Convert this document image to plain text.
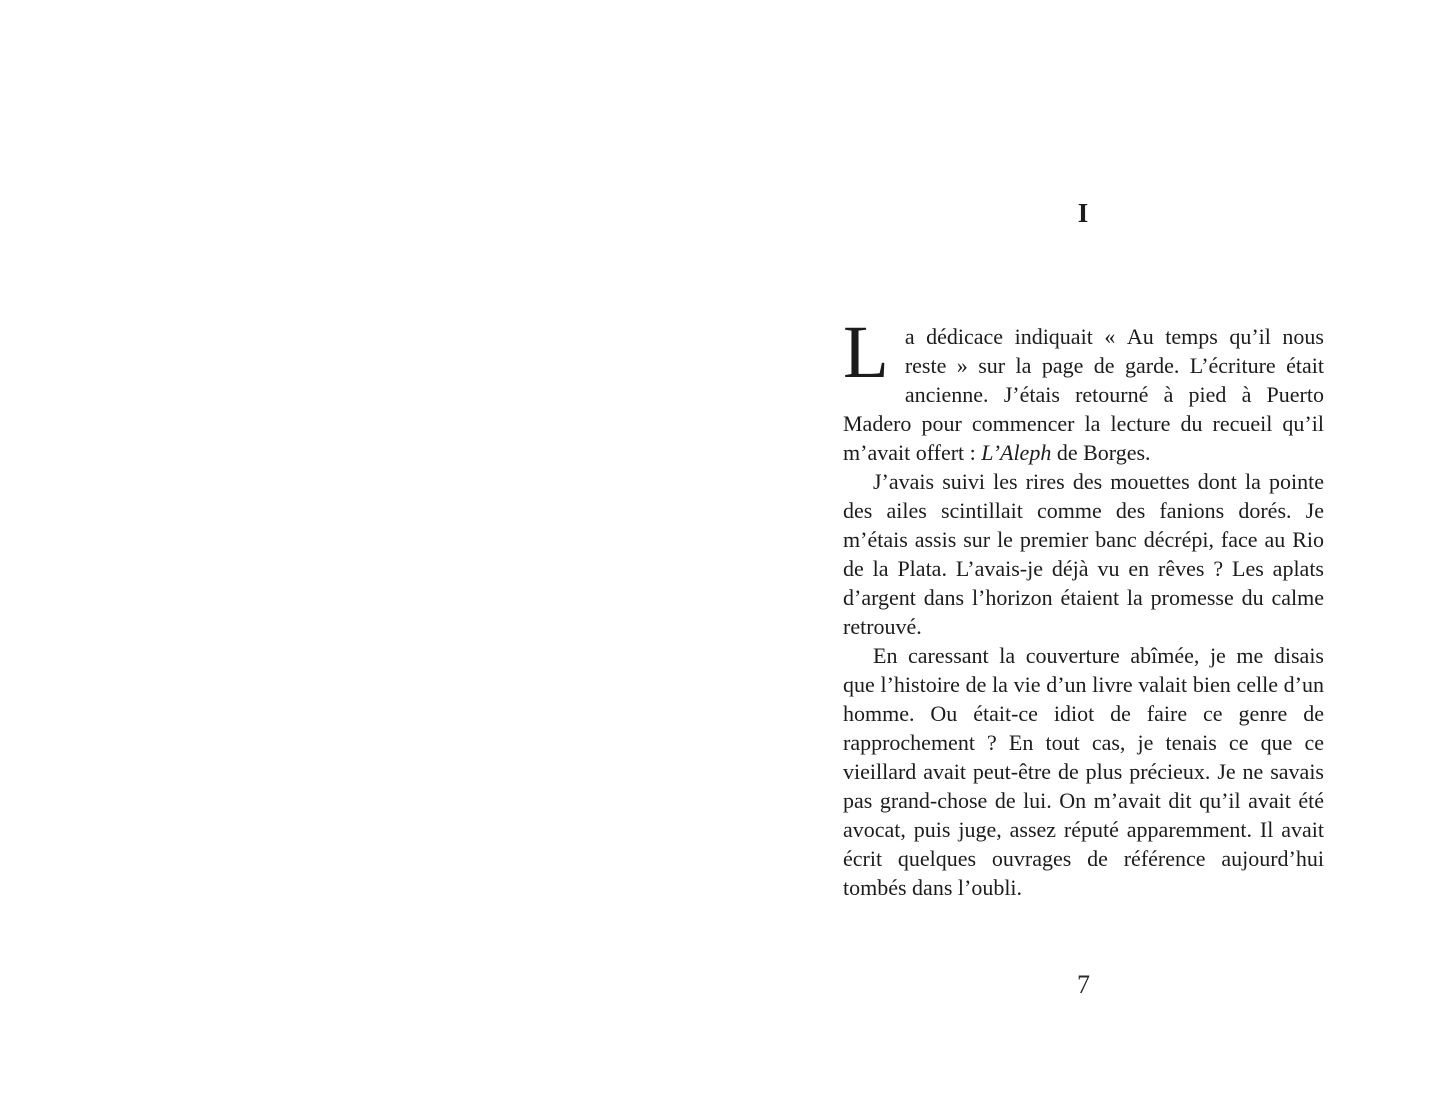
I

La dédicace indiquait « Au temps qu’il nous reste » sur la page de garde. L’écriture était ancienne. J’étais retourné à pied à Puerto Madero pour commencer la lecture du recueil qu’il m’avait offert : L’Aleph de Borges.

J’avais suivi les rires des mouettes dont la pointe des ailes scintillait comme des fanions dorés. Je m’étais assis sur le premier banc décrépi, face au Rio de la Plata. L’avais-je déjà vu en rêves ? Les aplats d’argent dans l’horizon étaient la promesse du calme retrouvé.

En caressant la couverture abîmée, je me disais que l’histoire de la vie d’un livre valait bien celle d’un homme. Ou était-ce idiot de faire ce genre de rapprochement ? En tout cas, je tenais ce que ce vieillard avait peut-être de plus précieux. Je ne savais pas grand-chose de lui. On m’avait dit qu’il avait été avocat, puis juge, assez réputé apparemment. Il avait écrit quelques ouvrages de référence aujourd’hui tombés dans l’oubli.

7
